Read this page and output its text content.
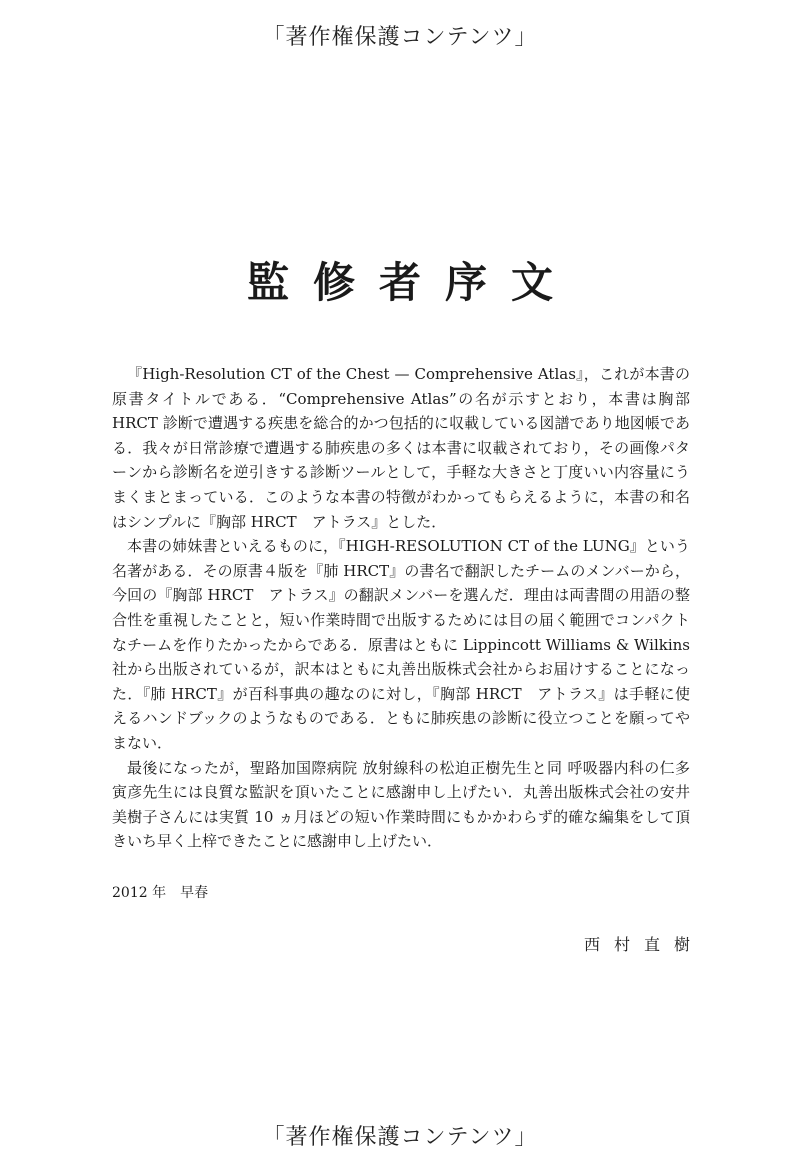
「著作権保護コンテンツ」
監修者序文

『High-Resolution CT of the Chest — Comprehensive Atlas』，これが本書の原書タイトルである．“Comprehensive Atlas”の名が示すとおり，本書は胸部 HRCT 診断で遭遇する疾患を総合的かつ包括的に収載している図譜であり地図帳である．我々が日常診療で遭遇する肺疾患の多くは本書に収載されており，その画像パターンから診断名を逆引きする診断ツールとして，手軽な大きさと丁度いい内容量にうまくまとまっている．このような本書の特徴がわかってもらえるように，本書の和名はシンプルに『胸部 HRCT　アトラス』とした．

本書の姉妹書といえるものに，『HIGH-RESOLUTION CT of the LUNG』という名著がある．その原書４版を『肺 HRCT』の書名で翻訳したチームのメンバーから，今回の『胸部 HRCT　アトラス』の翻訳メンバーを選んだ．理由は両書間の用語の整合性を重視したことと，短い作業時間で出版するためには目の届く範囲でコンパクトなチームを作りたかったからである．原書はともに Lippincott Williams & Wilkins 社から出版されているが，訳本はともに丸善出版株式会社からお届けすることになった．『肺 HRCT』が百科事典の趣なのに対し，『胸部 HRCT　アトラス』は手軽に使えるハンドブックのようなものである．ともに肺疾患の診断に役立つことを願ってやまない．

最後になったが，聖路加国際病院 放射線科の松迫正樹先生と同 呼吸器内科の仁多寅彦先生には良質な監訳を頂いたことに感謝申し上げたい．丸善出版株式会社の安井美樹子さんには実質 10 ヵ月ほどの短い作業時間にもかかわらず的確な編集をして頂きいち早く上梓できたことに感謝申し上げたい．

2012 年　早春
西村直樹
「著作権保護コンテンツ」
